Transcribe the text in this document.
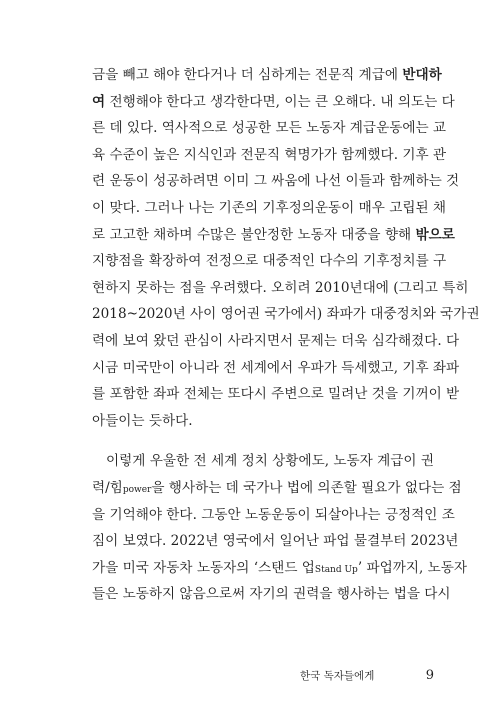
금을 빼고 해야 한다거나 더 심하게는 전문직 계급에 반대하
여 전행해야 한다고 생각한다면, 이는 큰 오해다. 내 의도는 다
른 데 있다. 역사적으로 성공한 모든 노동자 계급운동에는 교
육 수준이 높은 지식인과 전문직 혁명가가 함께했다. 기후 관
련 운동이 성공하려면 이미 그 싸움에 나선 이들과 함께하는 것
이 맞다. 그러나 나는 기존의 기후정의운동이 매우 고립된 채
로 고고한 채하며 수많은 불안정한 노동자 대중을 향해 밖으로
지향점을 확장하여 전정으로 대중적인 다수의 기후정치를 구
현하지 못하는 점을 우려했다. 오히려 2010년대에 (그리고 특히
2018~2020년 사이 영어권 국가에서) 좌파가 대중정치와 국가권
력에 보여 왔던 관심이 사라지면서 문제는 더욱 심각해졌다. 다
시금 미국만이 아니라 전 세계에서 우파가 득세했고, 기후 좌파
를 포함한 좌파 전체는 또다시 주변으로 밀려난 것을 기꺼이 받
아들이는 듯하다.
이렇게 우울한 전 세계 정치 상황에도, 노동자 계급이 권
력/힘power을 행사하는 데 국가나 법에 의존할 필요가 없다는 점
을 기억해야 한다. 그동안 노동운동이 되살아나는 긍정적인 조
짐이 보였다. 2022년 영국에서 일어난 파업 물결부터 2023년
가을 미국 자동차 노동자의 ‘스탠드 업Stand Up’ 파업까지, 노동자
들은 노동하지 않음으로써 자기의 권력을 행사하는 법을 다시
한국 독자들에게	9
